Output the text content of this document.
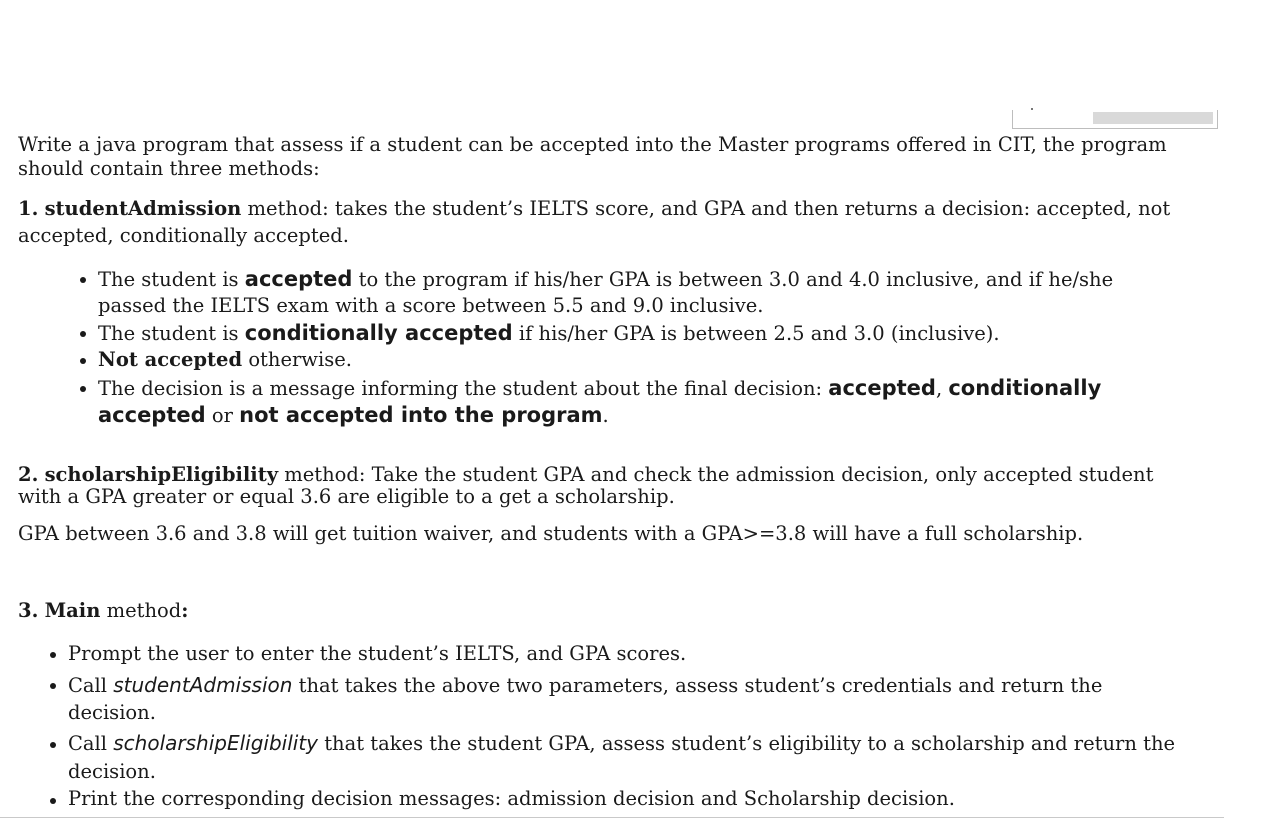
Write a java program that assess if a student can be accepted into the Master programs offered in CIT, the program
should contain three methods:
1. studentAdmission method: takes the student’s IELTS score, and GPA and then returns a decision: accepted, not
accepted, conditionally accepted.
The student is accepted to the program if his/her GPA is between 3.0 and 4.0 inclusive, and if he/she
passed the IELTS exam with a score between 5.5 and 9.0 inclusive.
The student is conditionally accepted if his/her GPA is between 2.5 and 3.0 (inclusive).
Not accepted otherwise.
The decision is a message informing the student about the final decision: accepted, conditionally
accepted or not accepted into the program.
2. scholarshipEligibility method: Take the student GPA and check the admission decision, only accepted student
with a GPA greater or equal 3.6 are eligible to a get a scholarship.
GPA between 3.6 and 3.8 will get tuition waiver, and students with a GPA>=3.8 will have a full scholarship.
3. Main method:
Prompt the user to enter the student’s IELTS, and GPA scores.
Call studentAdmission that takes the above two parameters, assess student’s credentials and return the
decision.
Call scholarshipEligibility that takes the student GPA, assess student’s eligibility to a scholarship and return the
decision.
Print the corresponding decision messages: admission decision and Scholarship decision.
